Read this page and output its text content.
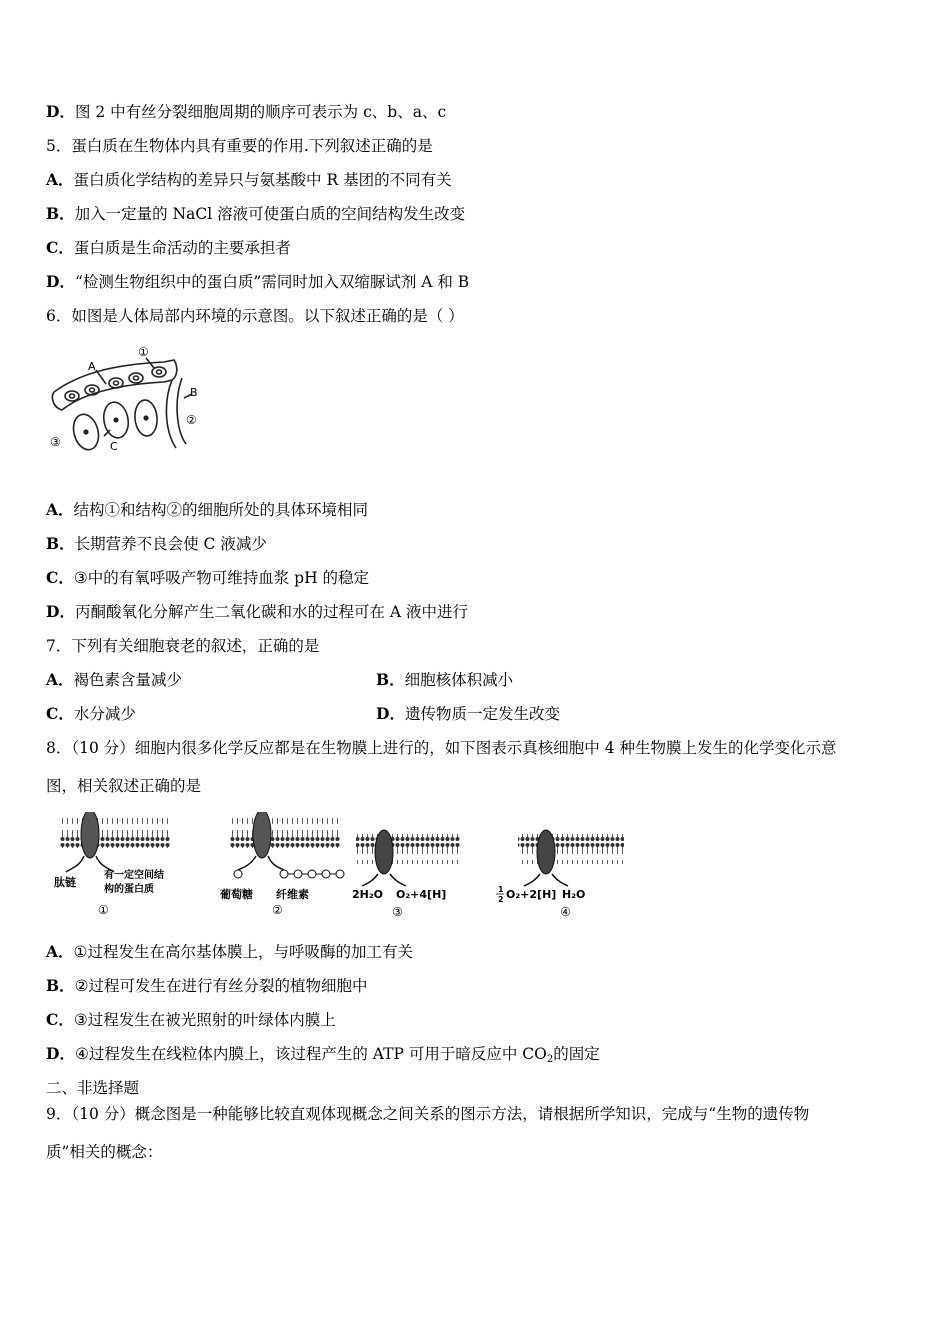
D．图 2 中有丝分裂细胞周期的顺序可表示为 c、b、a、c
5．蛋白质在生物体内具有重要的作用.下列叙述正确的是
A．蛋白质化学结构的差异只与氨基酸中 R 基团的不同有关
B．加入一定量的 NaCl 溶液可使蛋白质的空间结构发生改变
C．蛋白质是生命活动的主要承担者
D．“检测生物组织中的蛋白质”需同时加入双缩脲试剂 A 和 B
6．如图是人体局部内环境的示意图。以下叙述正确的是（ ）
A
①
B
②
③	C
A．结构①和结构②的细胞所处的具体环境相同
B．长期营养不良会使 C 液减少
C．③中的有氧呼吸产物可维持血浆 pH 的稳定
D．丙酮酸氧化分解产生二氧化碳和水的过程可在 A 液中进行
7．下列有关细胞衰老的叙述，正确的是
A．褐色素含量减少	B．细胞核体积减小
C．水分减少	D．遗传物质一定发生改变
8．（10 分）细胞内很多化学反应都是在生物膜上进行的，如下图表示真核细胞中 4 种生物膜上发生的化学变化示意
图，相关叙述正确的是
肽链
有一定空间结
构的蛋白质
①
葡萄糖 纤维素
②
2H₂O O₂+4[H]
③
1
2 O₂+2[H] H₂O
④
A．①过程发生在高尔基体膜上，与呼吸酶的加工有关
B．②过程可发生在进行有丝分裂的植物细胞中
C．③过程发生在被光照射的叶绿体内膜上
D．④过程发生在线粒体内膜上，该过程产生的 ATP 可用于暗反应中 $CO_2$的固定
二、非选择题
9．（10 分）概念图是一种能够比较直观体现概念之间关系的图示方法，请根据所学知识，完成与“生物的遗传物
质”相关的概念：
